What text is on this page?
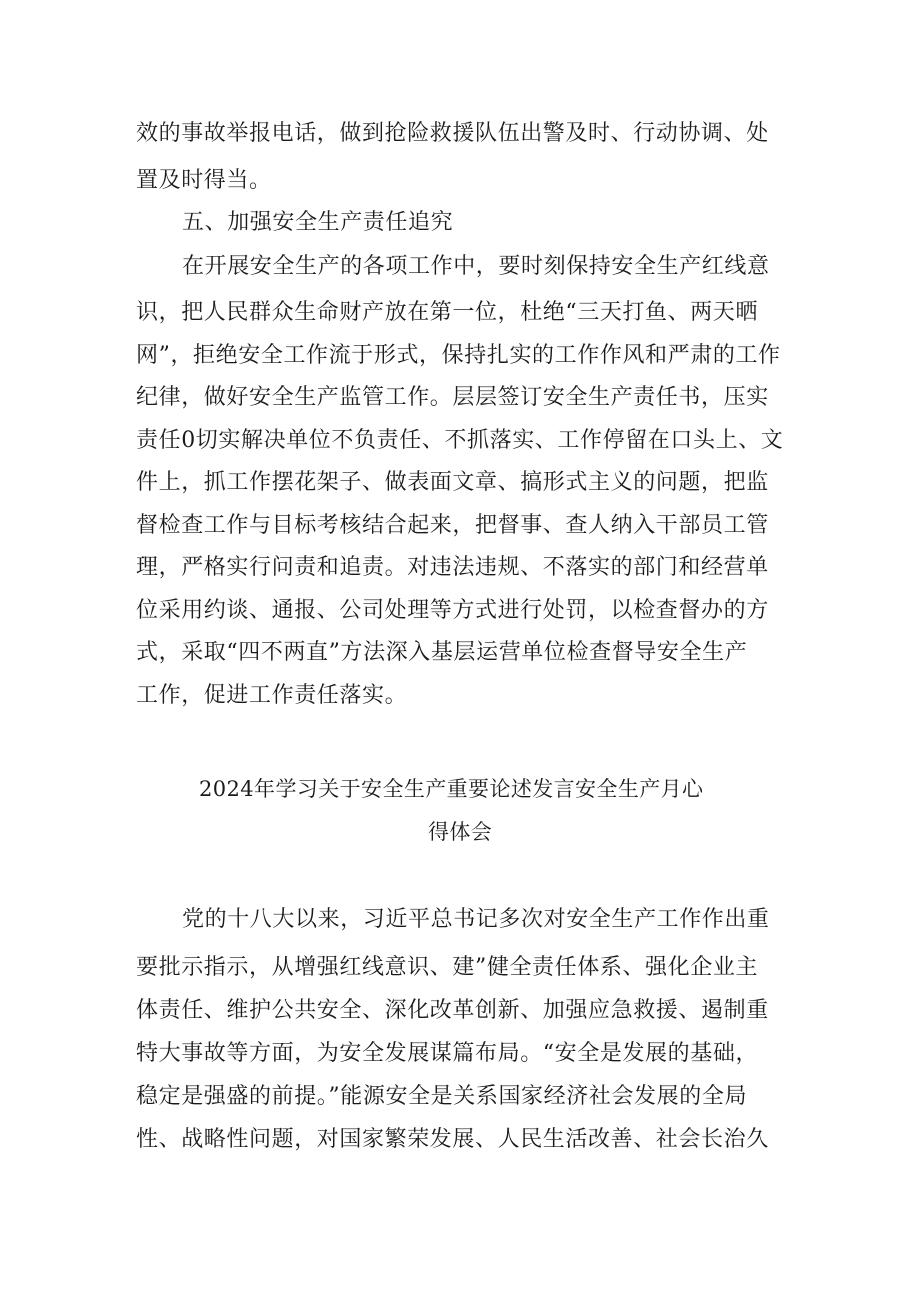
效的事故举报电话，做到抢险救援队伍出警及时、行动协调、处
置及时得当。
五、加强安全生产责任追究
在开展安全生产的各项工作中，要时刻保持安全生产红线意
识，把人民群众生命财产放在第一位，杜绝“三天打鱼、两天晒
网”，拒绝安全工作流于形式，保持扎实的工作作风和严肃的工作
纪律，做好安全生产监管工作。层层签订安全生产责任书，压实
责任0切实解决单位不负责任、不抓落实、工作停留在口头上、文
件上，抓工作摆花架子、做表面文章、搞形式主义的问题，把监
督检查工作与目标考核结合起来，把督事、查人纳入干部员工管
理，严格实行问责和追责。对违法违规、不落实的部门和经营单
位采用约谈、通报、公司处理等方式进行处罚，以检查督办的方
式，采取“四不两直”方法深入基层运营单位检查督导安全生产
工作，促进工作责任落实。
2024年学习关于安全生产重要论述发言安全生产月心
得体会
党的十八大以来，习近平总书记多次对安全生产工作作出重
要批示指示，从增强红线意识、建”健全责任体系、强化企业主
体责任、维护公共安全、深化改革创新、加强应急救援、遏制重
特大事故等方面，为安全发展谋篇布局。“安全是发展的基础，
稳定是强盛的前提。”能源安全是关系国家经济社会发展的全局
性、战略性问题，对国家繁荣发展、人民生活改善、社会长治久
